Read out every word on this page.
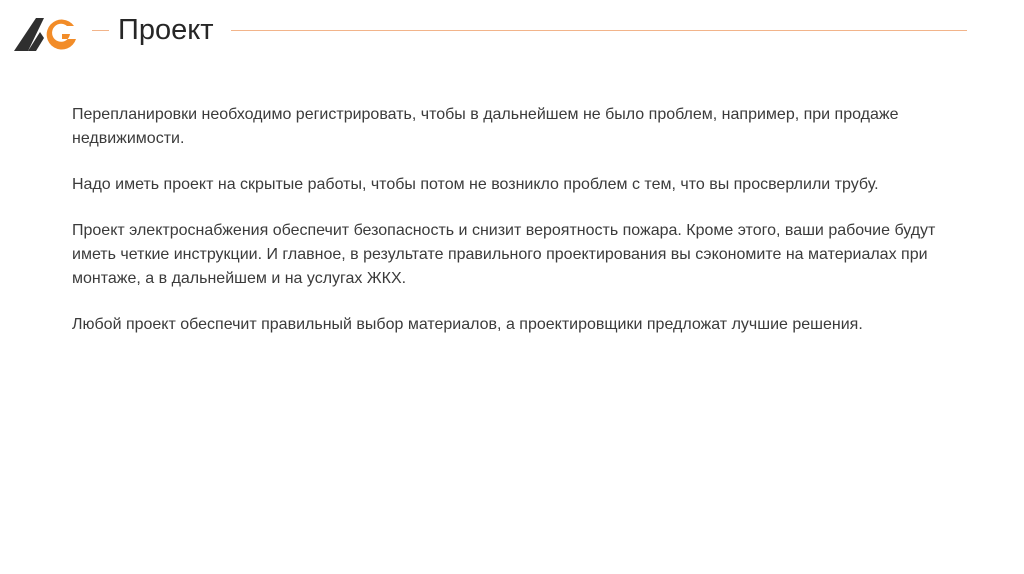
Проект

Перепланировки необходимо регистрировать, чтобы в дальнейшем не было проблем, например, при продаже недвижимости.

Надо иметь проект на скрытые работы, чтобы потом не возникло проблем с тем, что вы просверлили трубу.

Проект электроснабжения обеспечит безопасность и снизит вероятность пожара. Кроме этого, ваши рабочие будут иметь четкие инструкции. И главное, в результате правильного проектирования вы сэкономите на материалах при монтаже, а в дальнейшем и на услугах ЖКХ.

Любой проект обеспечит правильный выбор материалов, а проектировщики предложат лучшие решения.
